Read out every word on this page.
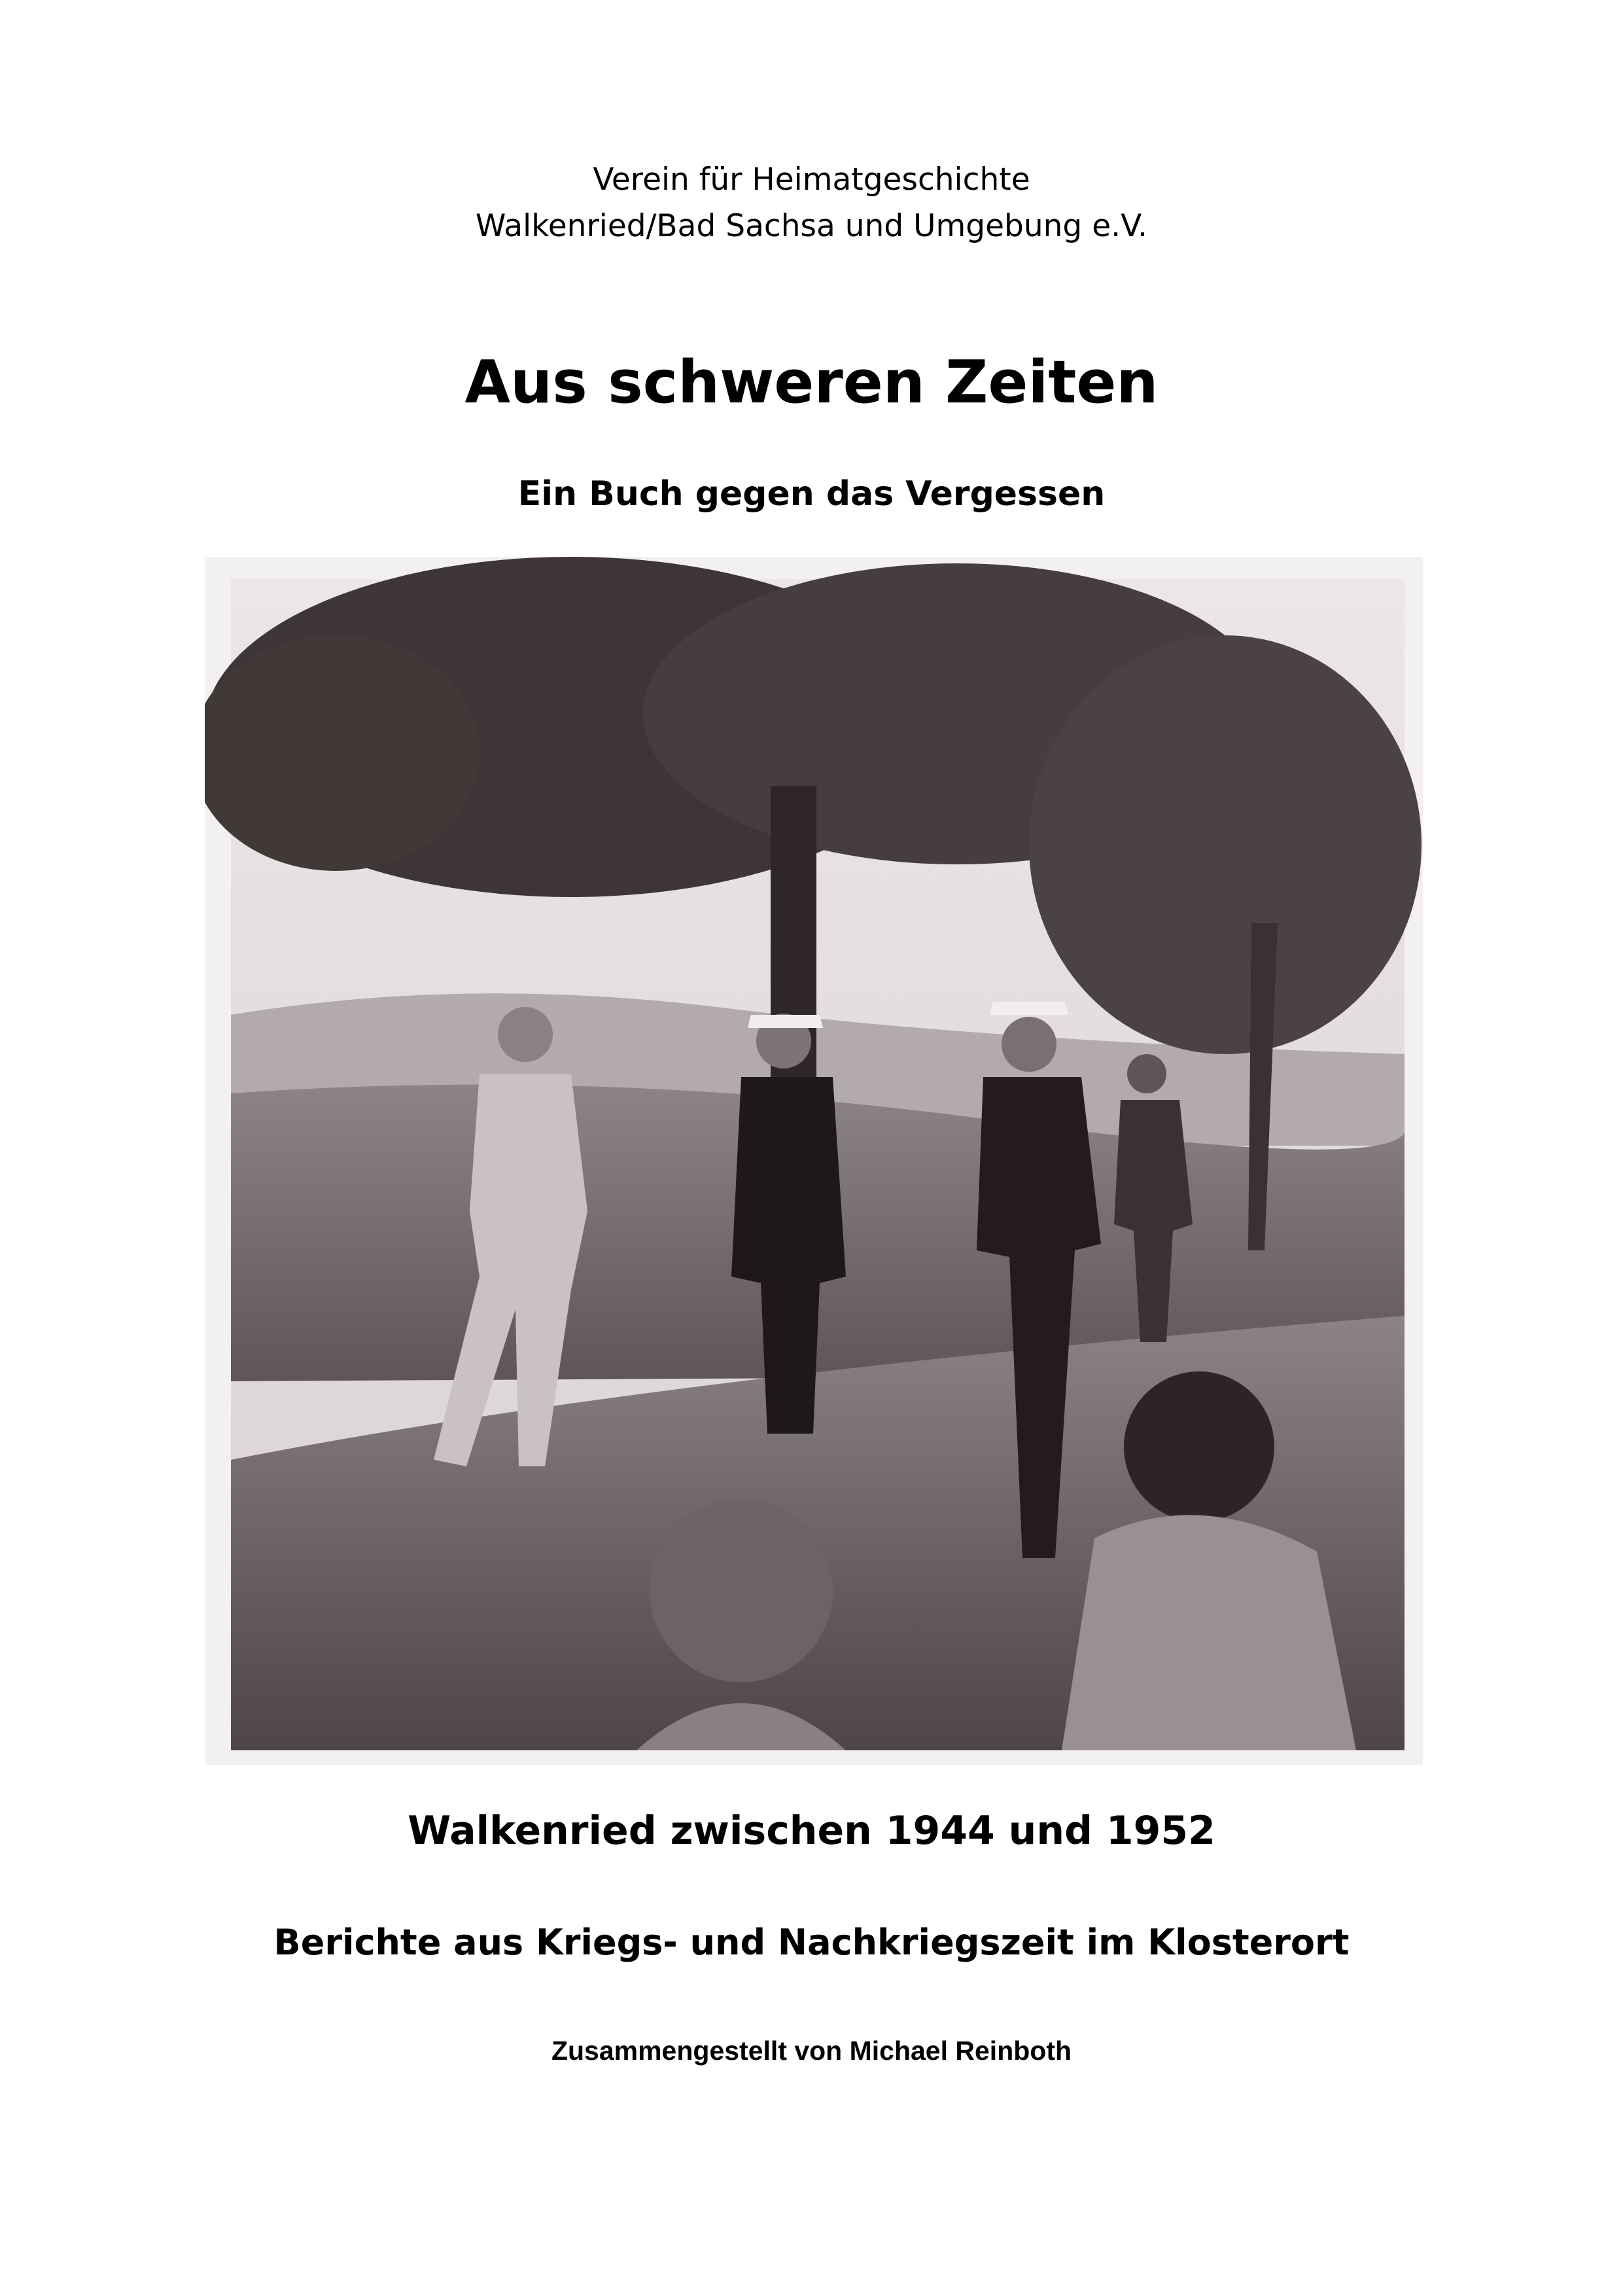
Verein für Heimatgeschichte
Walkenried/Bad Sachsa und Umgebung e.V.
Aus schweren Zeiten
Ein Buch gegen das Vergessen
Walkenried zwischen 1944 und 1952
Berichte aus Kriegs- und Nachkriegszeit im Klosterort
Zusammengestellt von Michael Reinboth
